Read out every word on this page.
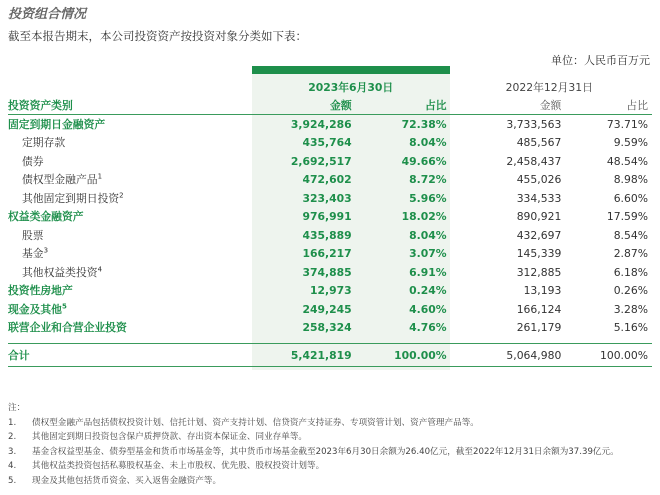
投资组合情况
截至本报告期末，本公司投资资产按投资对象分类如下表：
单位：人民币百万元
	2023年6月30日		2022年12月31日	
投资资产类别	金额	占比	金额	占比
固定到期日金融资产	3,924,286	72.38%	3,733,563	73.71%
定期存款	435,764	8.04%	485,567	9.59%
债券	2,692,517	49.66%	2,458,437	48.54%
债权型金融产品$^1$	472,602	8.72%	455,026	8.98%
其他固定到期日投资$^2$	323,403	5.96%	334,533	6.60%
权益类金融资产	976,991	18.02%	890,921	17.59%
股票	435,889	8.04%	432,697	8.54%
基金$^3$	166,217	3.07%	145,339	2.87%
其他权益类投资$^4$	374,885	6.91%	312,885	6.18%
投资性房地产	12,973	0.24%	13,193	0.26%
现金及其他$^5$	249,245	4.60%	166,124	3.28%
联营企业和合营企业投资	258,324	4.76%	261,179	5.16%

合计	5,421,819	100.00%	5,064,980	100.00%
注：
1. 债权型金融产品包括债权投资计划、信托计划、资产支持计划、信贷资产支持证券、专项资管计划、资产管理产品等。
2. 其他固定到期日投资包含保户质押贷款、存出资本保证金、同业存单等。
3. 基金含权益型基金、债券型基金和货币市场基金等，其中货币市场基金截至2023年6月30日余额为26.40亿元，截至2022年12月31日余额为37.39亿元。
4. 其他权益类投资包括私募股权基金、未上市股权、优先股、股权投资计划等。
5. 现金及其他包括货币资金、买入返售金融资产等。
